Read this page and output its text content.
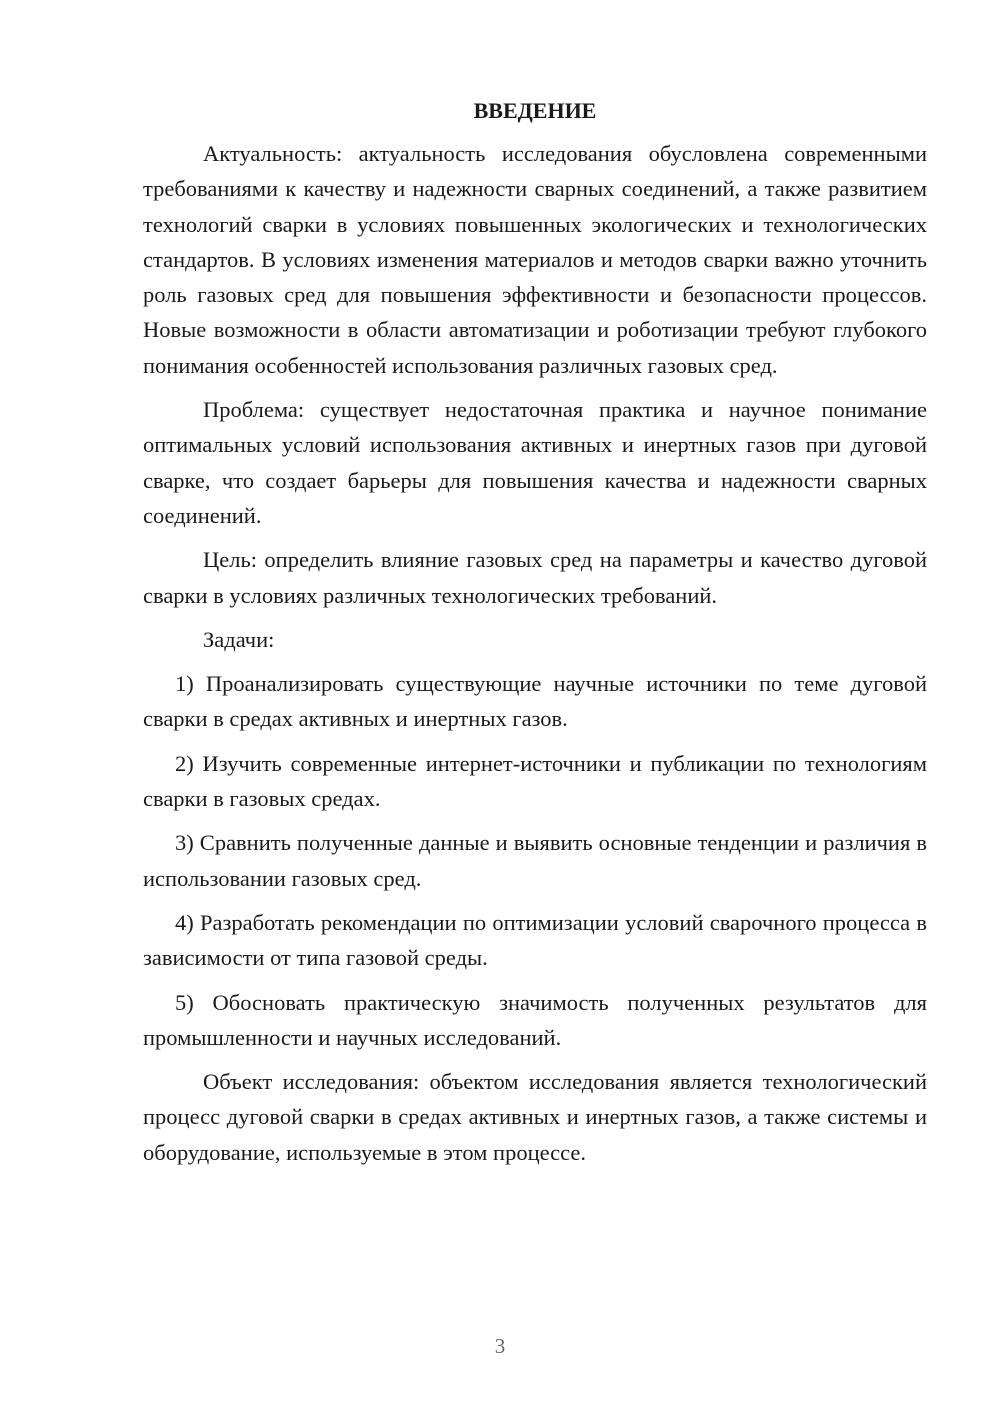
ВВЕДЕНИЕ

Актуальность: актуальность исследования обусловлена современными требованиями к качеству и надежности сварных соединений, а также развитием технологий сварки в условиях повышенных экологических и технологических стандартов. В условиях изменения материалов и методов сварки важно уточнить роль газовых сред для повышения эффективности и безопасности процессов. Новые возможности в области автоматизации и роботизации требуют глубокого понимания особенностей использования различных газовых сред.

Проблема: существует недостаточная практика и научное понимание оптимальных условий использования активных и инертных газов при дуговой сварке, что создает барьеры для повышения качества и надежности сварных соединений.

Цель: определить влияние газовых сред на параметры и качество дуговой сварки в условиях различных технологических требований.

Задачи:

1) Проанализировать существующие научные источники по теме дуговой сварки в средах активных и инертных газов.

2) Изучить современные интернет-источники и публикации по технологиям сварки в газовых средах.

3) Сравнить полученные данные и выявить основные тенденции и различия в использовании газовых сред.

4) Разработать рекомендации по оптимизации условий сварочного процесса в зависимости от типа газовой среды.

5) Обосновать практическую значимость полученных результатов для промышленности и научных исследований.

Объект исследования: объектом исследования является технологический процесс дуговой сварки в средах активных и инертных газов, а также системы и оборудование, используемые в этом процессе.

3
